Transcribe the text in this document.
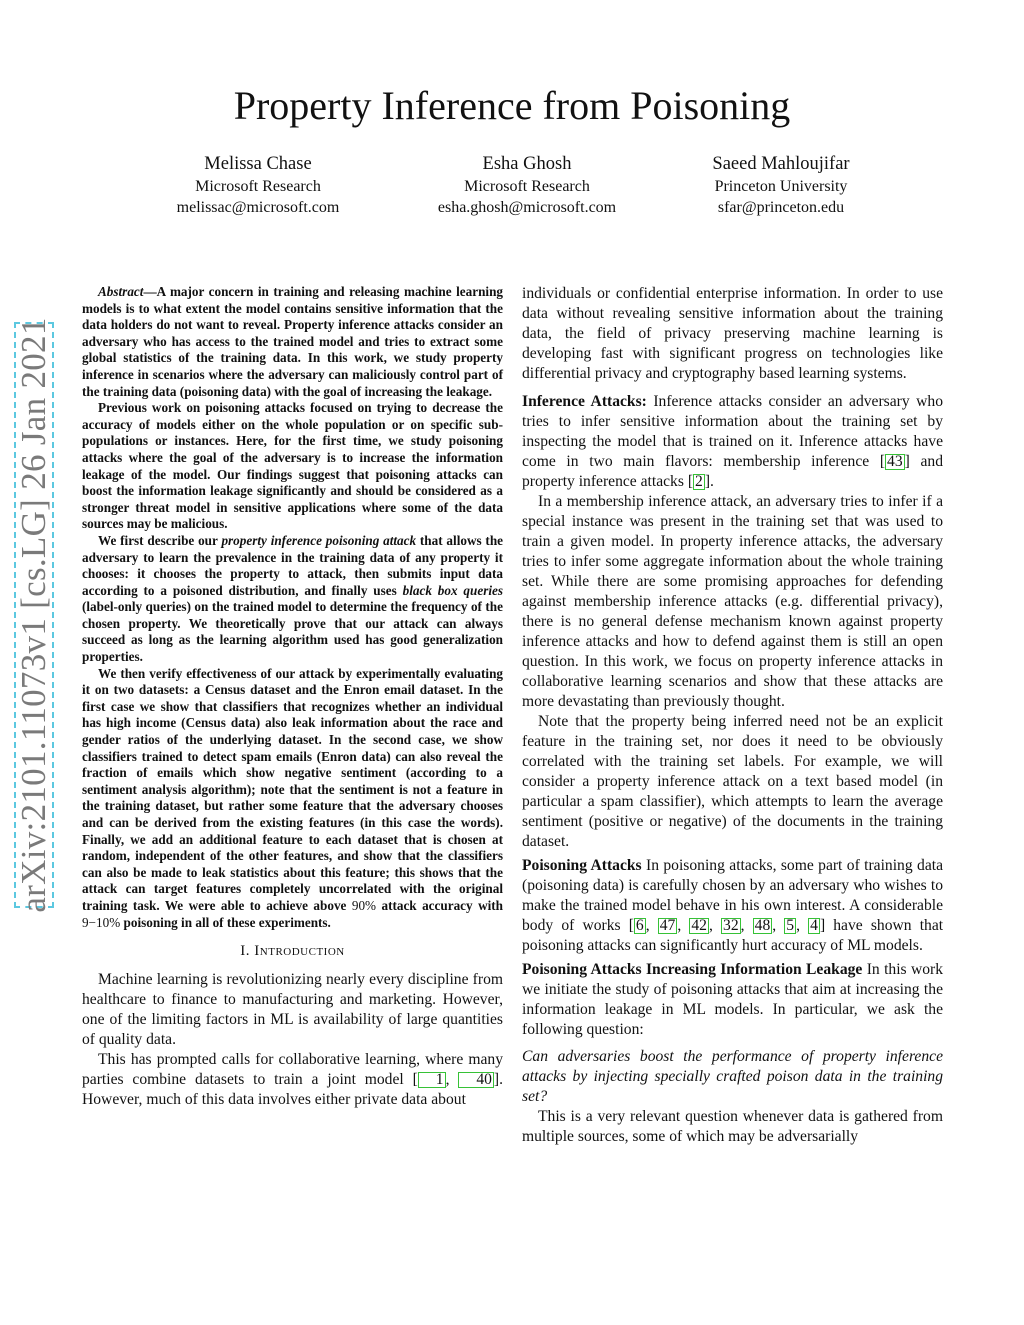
arXiv:2101.11073v1 [cs.LG] 26 Jan 2021
Property Inference from Poisoning
Melissa Chase
Microsoft Research
melissac@microsoft.com
Esha Ghosh
Microsoft Research
esha.ghosh@microsoft.com
Saeed Mahloujifar
Princeton University
sfar@princeton.edu

Abstract—A major concern in training and releasing machine learning models is to what extent the model contains sensitive information that the data holders do not want to reveal. Property inference attacks consider an adversary who has access to the trained model and tries to extract some global statistics of the training data. In this work, we study property inference in scenarios where the adversary can maliciously control part of the training data (poisoning data) with the goal of increasing the leakage.

Previous work on poisoning attacks focused on trying to decrease the accuracy of models either on the whole population or on specific sub-populations or instances. Here, for the first time, we study poisoning attacks where the goal of the adversary is to increase the information leakage of the model. Our findings suggest that poisoning attacks can boost the information leakage significantly and should be considered as a stronger threat model in sensitive applications where some of the data sources may be malicious.

We first describe our property inference poisoning attack that allows the adversary to learn the prevalence in the training data of any property it chooses: it chooses the property to attack, then submits input data according to a poisoned distribution, and finally uses black box queries (label-only queries) on the trained model to determine the frequency of the chosen property. We theoretically prove that our attack can always succeed as long as the learning algorithm used has good generalization properties.

We then verify effectiveness of our attack by experimentally evaluating it on two datasets: a Census dataset and the Enron email dataset. In the first case we show that classifiers that recognizes whether an individual has high income (Census data) also leak information about the race and gender ratios of the underlying dataset. In the second case, we show classifiers trained to detect spam emails (Enron data) can also reveal the fraction of emails which show negative sentiment (according to a sentiment analysis algorithm); note that the sentiment is not a feature in the training dataset, but rather some feature that the adversary chooses and can be derived from the existing features (in this case the words). Finally, we add an additional feature to each dataset that is chosen at random, independent of the other features, and show that the classifiers can also be made to leak statistics about this feature; this shows that the attack can target features completely uncorrelated with the original training task. We were able to achieve above 90% attack accuracy with 9−10% poisoning in all of these experiments.

I. Introduction

Machine learning is revolutionizing nearly every discipline from healthcare to finance to manufacturing and marketing. However, one of the limiting factors in ML is availability of large quantities of quality data.

This has prompted calls for collaborative learning, where many parties combine datasets to train a joint model [ 1 , 40 ]. However, much of this data involves either private data about

individuals or confidential enterprise information. In order to use data without revealing sensitive information about the training data, the field of privacy preserving machine learning is developing fast with significant progress on technologies like differential privacy and cryptography based learning systems.

Inference Attacks: Inference attacks consider an adversary who tries to infer sensitive information about the training set by inspecting the model that is trained on it. Inference attacks have come in two main flavors: membership inference [ 43 ] and property inference attacks [ 2 ].

In a membership inference attack, an adversary tries to infer if a special instance was present in the training set that was used to train a given model. In property inference attacks, the adversary tries to infer some aggregate information about the whole training set. While there are some promising approaches for defending against membership inference attacks (e.g. differential privacy), there is no general defense mechanism known against property inference attacks and how to defend against them is still an open question. In this work, we focus on property inference attacks in collaborative learning scenarios and show that these attacks are more devastating than previously thought.

Note that the property being inferred need not be an explicit feature in the training set, nor does it need to be obviously correlated with the training set labels. For example, we will consider a property inference attack on a text based model (in particular a spam classifier), which attempts to learn the average sentiment (positive or negative) of the documents in the training dataset.

Poisoning Attacks In poisoning attacks, some part of training data (poisoning data) is carefully chosen by an adversary who wishes to make the trained model behave in his own interest. A considerable body of works [ 6 , 47 , 42 , 32 , 48 , 5 , 4 ] have shown that poisoning attacks can significantly hurt accuracy of ML models.

Poisoning Attacks Increasing Information Leakage In this work we initiate the study of poisoning attacks that aim at increasing the information leakage in ML models. In particular, we ask the following question:

Can adversaries boost the performance of property inference attacks by injecting specially crafted poison data in the training set?

This is a very relevant question whenever data is gathered from multiple sources, some of which may be adversarially
